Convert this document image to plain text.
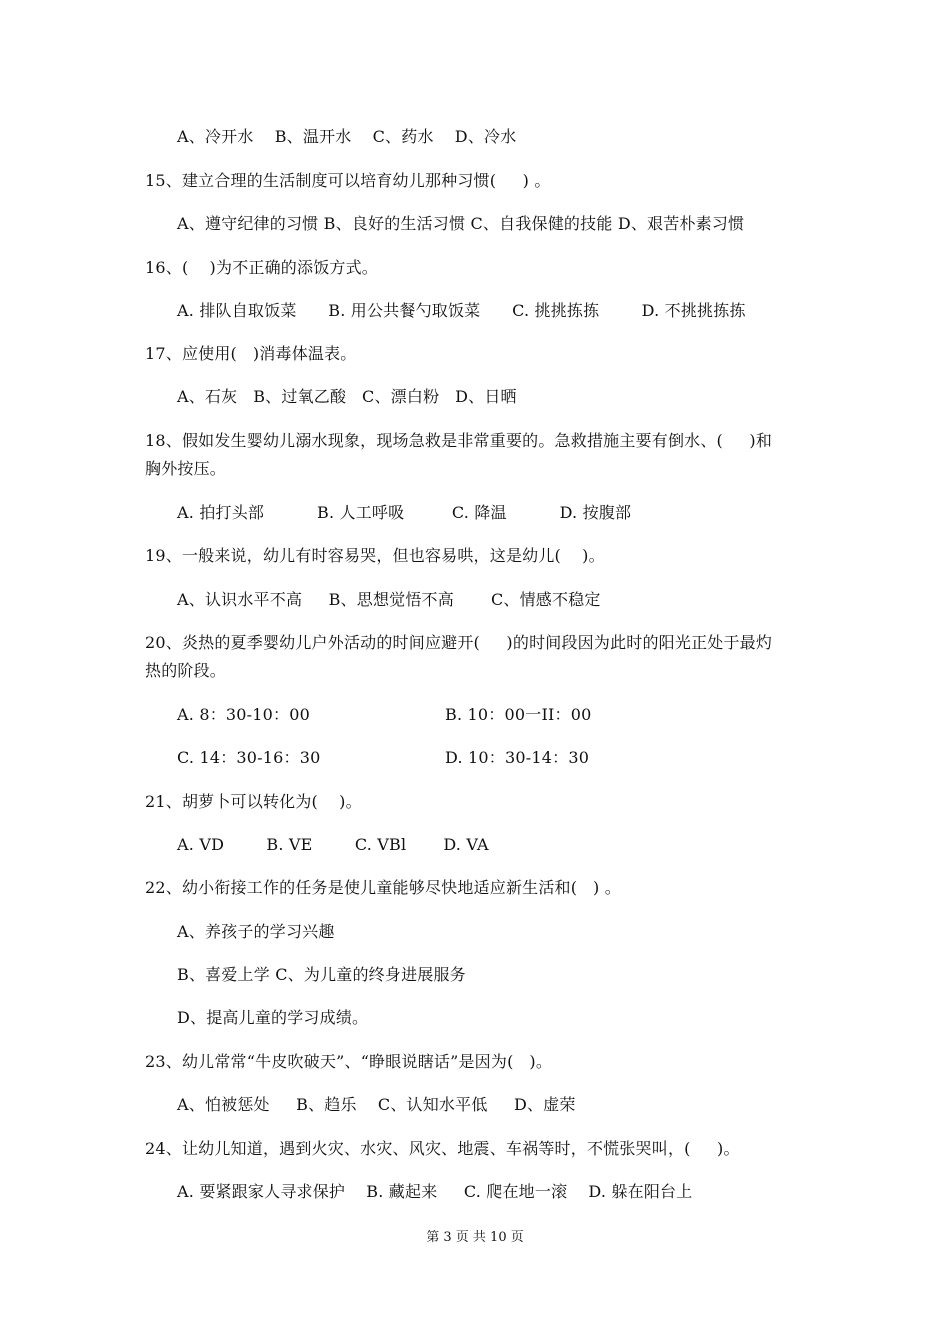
A、冷开水    B、温开水    C、药水    D、冷水
15、建立合理的生活制度可以培育幼儿那种习惯(     ) 。
A、遵守纪律的习惯 B、良好的生活习惯 C、自我保健的技能 D、艰苦朴素习惯
16、(    )为不正确的添饭方式。
A. 排队自取饭菜      B. 用公共餐勺取饭菜      C. 挑挑拣拣        D. 不挑挑拣拣
17、应使用(   )消毒体温表。
A、石灰   B、过氧乙酸   C、漂白粉   D、日晒
18、假如发生婴幼儿溺水现象，现场急救是非常重要的。急救措施主要有倒水、(     )和
胸外按压。
A. 拍打头部          B. 人工呼吸         C. 降温          D. 按腹部
19、一般来说，幼儿有时容易哭，但也容易哄，这是幼儿(    )。
A、认识水平不高     B、思想觉悟不高       C、情感不稳定
20、炎热的夏季婴幼儿户外活动的时间应避开(     )的时间段因为此时的阳光正处于最灼
热的阶段。
A. 8：30-10：00	B. 10：00一II：00
C. 14：30-16：30	D. 10：30-14：30
21、胡萝卜可以转化为(    )。
A. VD        B. VE        C. VBl       D. VA
22、幼小衔接工作的任务是使儿童能够尽快地适应新生活和(   ) 。
A、养孩子的学习兴趣
B、喜爱上学 C、为儿童的终身进展服务
D、提高儿童的学习成绩。
23、幼儿常常“牛皮吹破天”、“睁眼说瞎话”是因为(   )。
A、怕被惩处     B、趋乐    C、认知水平低     D、虚荣
24、让幼儿知道，遇到火灾、水灾、风灾、地震、车祸等时，不慌张哭叫，(     )。
A. 要紧跟家人寻求保护    B. 藏起来     C. 爬在地一滚    D. 躲在阳台上
第 3 页 共 10 页
